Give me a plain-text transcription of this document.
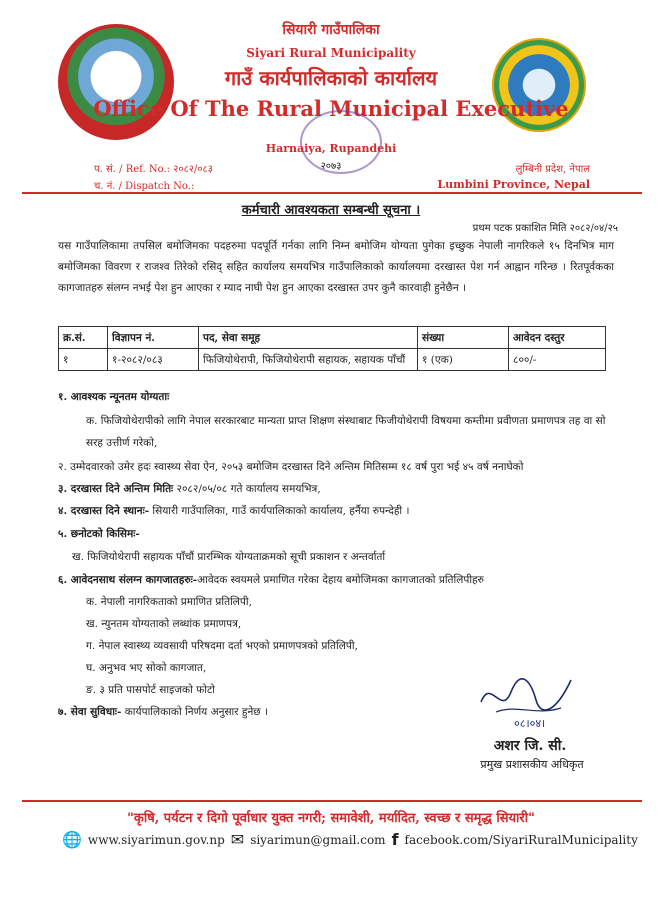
सियारी गाउँपालिका
Siyari Rural Municipality
गाउँ कार्यपालिकाको कार्यालय
Office Of The Rural Municipal Executive
Harnaiya, Rupandehi
२०७३
प. सं. / Ref. No.: २०८२/०८३
च. नं. / Dispatch No.:
लुम्बिनी प्रदेश, नेपाल
Lumbini Province, Nepal
कर्मचारी आवश्यकता सम्बन्धी सूचना ।
प्रथम पटक प्रकाशित मिति २०८२/०४/२५
यस गाउँपालिकामा तपसिल बमोजिमका पदहरुमा पदपूर्ति गर्नका लागि निम्न बमोजिम योग्यता पुगेका इच्छुक नेपाली नागरिकले १५ दिनभित्र माग बमोजिमका विवरण र राजश्व तिरेको रसिद् सहित कार्यालय समयभित्र गाउँपालिकाको कार्यालयमा दरखास्त पेश गर्न आह्वान गरिन्छ । रितपूर्वकका कागजातहरु संलग्न नभई पेश हुन आएका र म्याद नाघी पेश हुन आएका दरखास्त उपर कुनै कारवाही हुनेछैन ।
क्र.सं.	विज्ञापन नं.	पद, सेवा समूह	संख्या	आवेदन दस्तुर
१	१-२०८२/०८३	फिजियोथेरापी, फिजियोथेरापी सहायक, सहायक पाँचौं	१ (एक)	८००/-
१. आवश्यक न्यूनतम योग्यताः
क. फिजियोथेरापीको लागि नेपाल सरकारबाट मान्यता प्राप्त शिक्षण संस्थाबाट फिजीयोथेरापी विषयमा कम्तीमा प्रवीणता प्रमाणपत्र तह वा सो सरह उत्तीर्ण गरेको,
२. उम्मेदवारको उमेर हदः स्वास्थ्य सेवा ऐन, २०५३ बमोजिम दरखास्त दिने अन्तिम मितिसम्म १८ वर्ष पुरा भई ४५ वर्ष ननाघेको
३. दरखास्त दिने अन्तिम मितिः २०८२/०५/०८ गते कार्यालय समयभित्र,
४. दरखास्त दिने स्थानः- सियारी गाउँपालिका, गाउँ कार्यपालिकाको कार्यालय, हर्नैया रुपन्देही ।
५. छनोटको किसिमः-
ख. फिजियोथेरापी सहायक पाँचौं प्रारम्भिक योग्यताक्रमको सूची प्रकाशन र अन्तर्वार्ता
६. आवेदनसाथ संलग्न कागजातहरुः-आवेदक स्वयमले प्रमाणित गरेका देहाय बमोजिमका कागजातको प्रतिलिपीहरु
क. नेपाली नागरिकताको प्रमाणित प्रतिलिपी,
ख. न्युनतम योग्यताको लब्धांक प्रमाणपत्र,
ग. नेपाल स्वास्थ्य व्यवसायी परिषदमा दर्ता भएको प्रमाणपत्रको प्रतिलिपी,
घ. अनुभव भए सोको कागजात,
ङ. ३ प्रति पासपोर्ट साइजको फोटो
७. सेवा सुविधाः- कार्यपालिकाको निर्णय अनुसार हुनेछ ।
०८।०४।
अशर जि. सी.
प्रमुख प्रशासकीय अधिकृत
"कृषि, पर्यटन र दिगो पूर्वाधार युक्त नगरी; समावेशी, मर्यादित, स्वच्छ र समृद्ध सियारी"
🌐 www.siyarimun.gov.np ✉ siyarimun@gmail.com f facebook.com/SiyariRuralMunicipality
